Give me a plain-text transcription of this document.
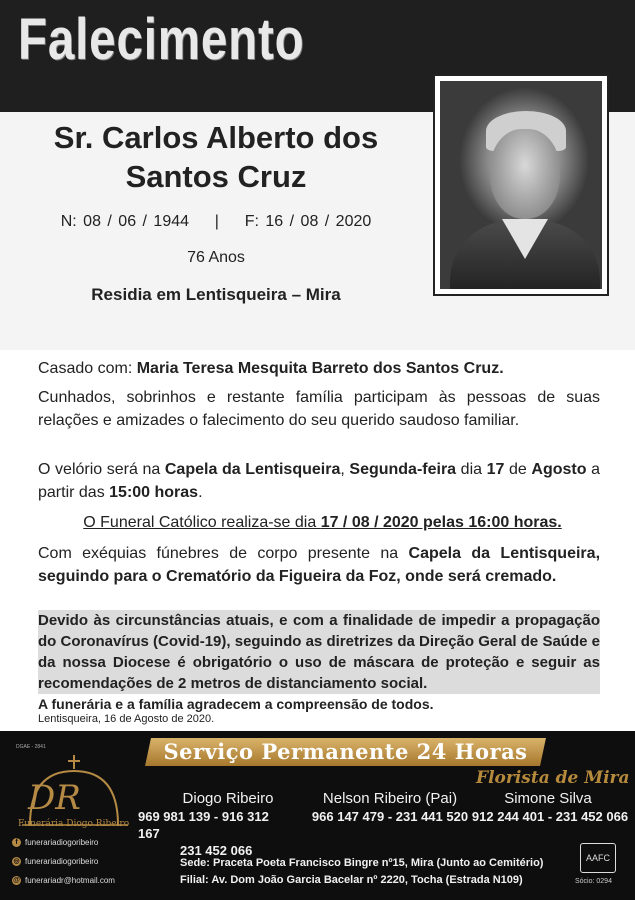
Falecimento
Sr. Carlos Alberto dos
Santos Cruz
N: 08 / 06 / 1944    |    F: 16 / 08 / 2020
76 Anos
Residia em Lentisqueira – Mira
Casado com: Maria Teresa Mesquita Barreto dos Santos Cruz.
Cunhados, sobrinhos e restante família participam às pessoas de suas relações e amizades o falecimento do seu querido saudoso familiar.
O velório será na Capela da Lentisqueira, Segunda-feira dia 17 de Agosto a partir das 15:00 horas.
O Funeral Católico realiza-se dia 17 / 08 / 2020 pelas 16:00 horas.
Com exéquias fúnebres de corpo presente na Capela da Lentisqueira, seguindo para o Crematório da Figueira da Foz, onde será cremado.
Devido às circunstâncias atuais, e com a finalidade de impedir a propagação do Coronavírus (Covid-19), seguindo as diretrizes da Direção Geral de Saúde e da nossa Diocese é obrigatório o uso de máscara de proteção e seguir as recomendações de 2 metros de distanciamento social.
A funerária e a família agradecem a compreensão de todos.
Lentisqueira, 16 de Agosto de 2020.
DGAE - 2841	Serviço Permanente 24 Horas
DR
Funerária Diogo Ribeiro
Florista de Mira
Diogo Ribeiro
969 981 139 - 916 312 167
231 452 066
Nelson Ribeiro (Pai)
966 147 479 - 231 441 520
Simone Silva
912 244 401 - 231 452 066
f funerariadiogoribeiro
◎ funerariadiogoribeiro
@ funerariadr@hotmail.com
Sede: Praceta Poeta Francisco Bingre nº15, Mira (Junto ao Cemitério)
Filial: Av. Dom João Garcia Bacelar nº 2220, Tocha (Estrada N109)
AAFC
Sócio: 0294
